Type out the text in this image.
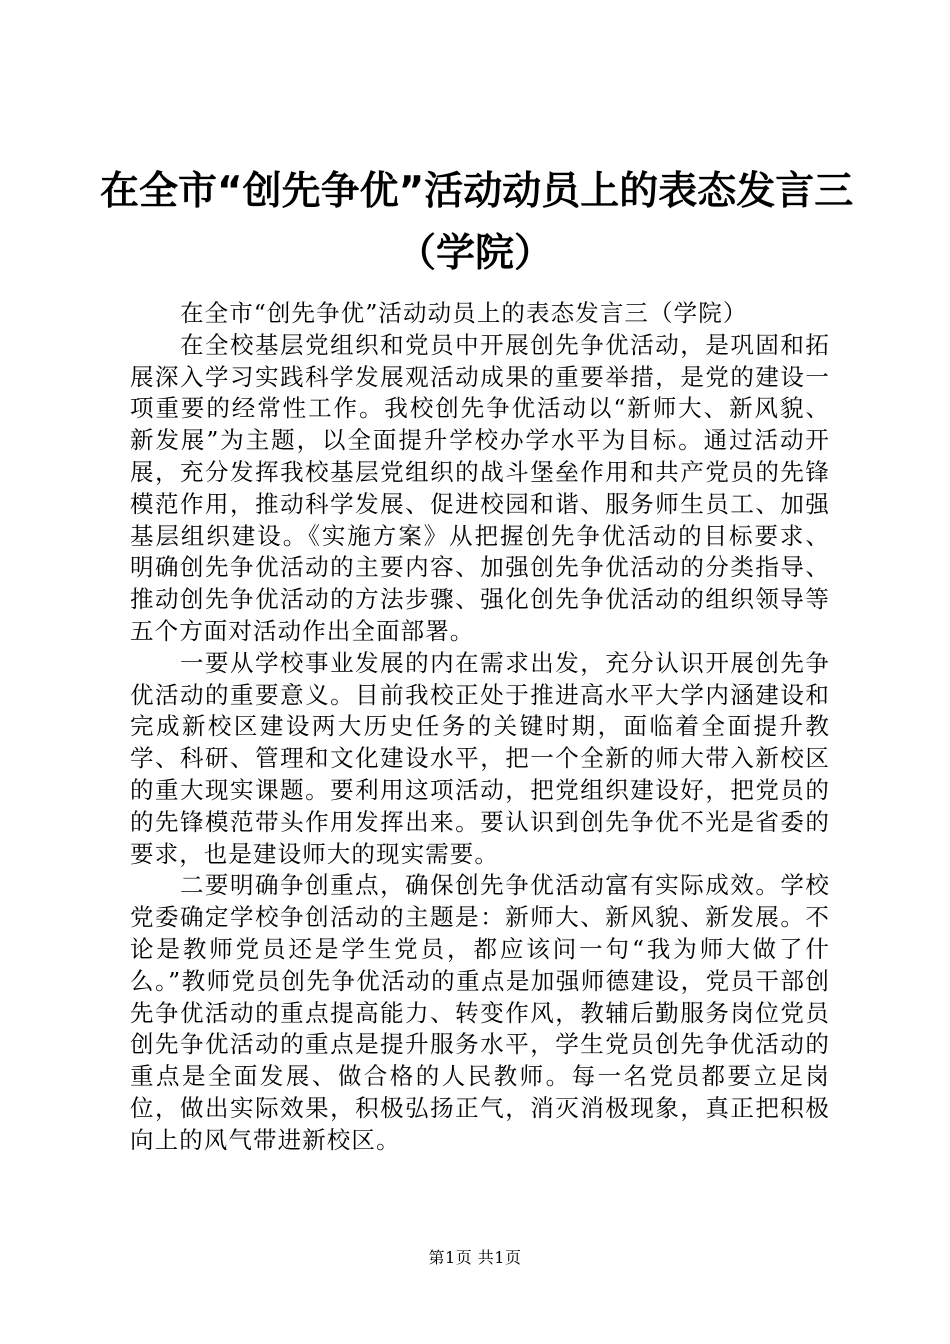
在全市“创先争优”活动动员上的表态发言三
（学院）

在全市“创先争优”活动动员上的表态发言三（学院）

在全校基层党组织和党员中开展创先争优活动，是巩固和拓展深入学习实践科学发展观活动成果的重要举措，是党的建设一项重要的经常性工作。我校创先争优活动以“新师大、新风貌、新发展”为主题，以全面提升学校办学水平为目标。通过活动开展，充分发挥我校基层党组织的战斗堡垒作用和共产党员的先锋模范作用，推动科学发展、促进校园和谐、服务师生员工、加强基层组织建设。《实施方案》从把握创先争优活动的目标要求、明确创先争优活动的主要内容、加强创先争优活动的分类指导、推动创先争优活动的方法步骤、强化创先争优活动的组织领导等五个方面对活动作出全面部署。

一要从学校事业发展的内在需求出发，充分认识开展创先争优活动的重要意义。目前我校正处于推进高水平大学内涵建设和完成新校区建设两大历史任务的关键时期，面临着全面提升教学、科研、管理和文化建设水平，把一个全新的师大带入新校区的重大现实课题。要利用这项活动，把党组织建设好，把党员的的先锋模范带头作用发挥出来。要认识到创先争优不光是省委的要求，也是建设师大的现实需要。

二要明确争创重点，确保创先争优活动富有实际成效。学校党委确定学校争创活动的主题是：新师大、新风貌、新发展。不论是教师党员还是学生党员，都应该问一句“我为师大做了什么。”教师党员创先争优活动的重点是加强师德建设，党员干部创先争优活动的重点提高能力、转变作风，教辅后勤服务岗位党员创先争优活动的重点是提升服务水平，学生党员创先争优活动的重点是全面发展、做合格的人民教师。每一名党员都要立足岗位，做出实际效果，积极弘扬正气，消灭消极现象，真正把积极向上的风气带进新校区。

第1页 共1页
